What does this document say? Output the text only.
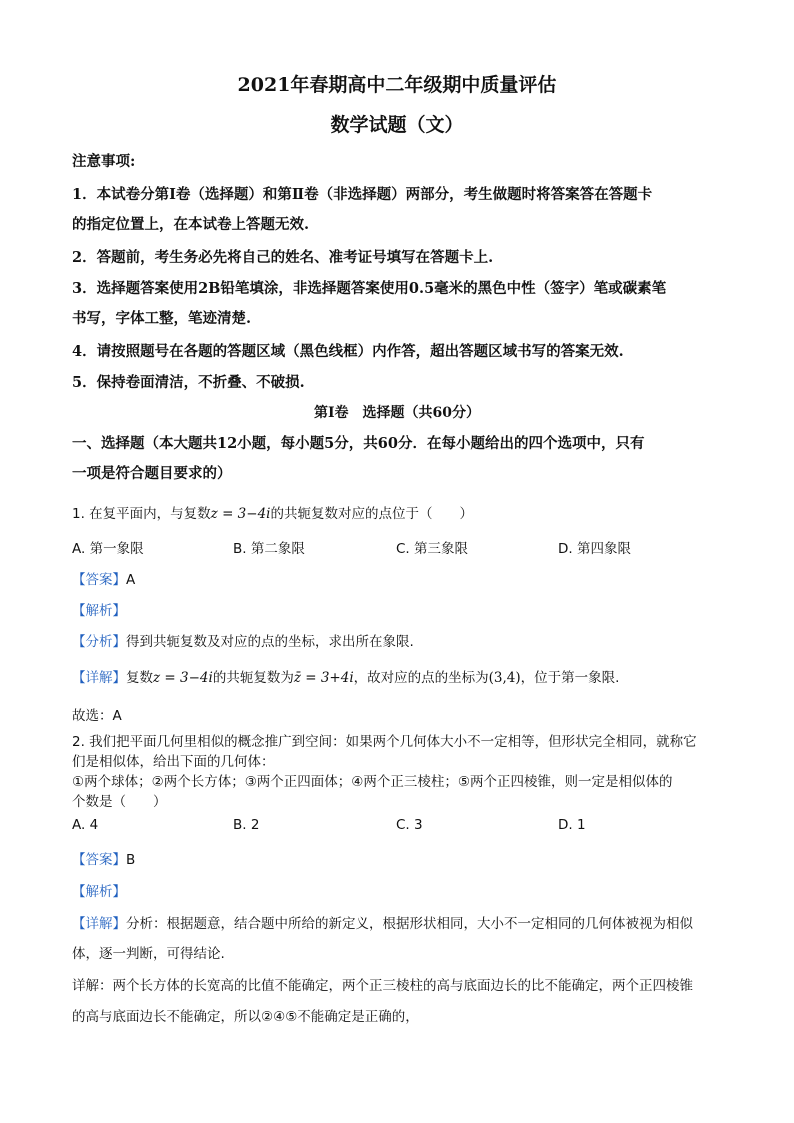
2021年春期高中二年级期中质量评估
数学试题（文）
注意事项:
1．本试卷分第Ⅰ卷（选择题）和第Ⅱ卷（非选择题）两部分，考生做题时将答案答在答题卡
的指定位置上，在本试卷上答题无效.
2．答题前，考生务必先将自己的姓名、准考证号填写在答题卡上.
3．选择题答案使用2B铅笔填涂，非选择题答案使用0.5毫米的黑色中性（签字）笔或碳素笔
书写，字体工整，笔迹清楚.
4．请按照题号在各题的答题区域（黑色线框）内作答，超出答题区域书写的答案无效.
5．保持卷面清洁，不折叠、不破损.
第Ⅰ卷　选择题（共60分）
一、选择题（本大题共12小题，每小题5分，共60分．在每小题给出的四个选项中，只有
一项是符合题目要求的）
1. 在复平面内，与复数z = 3−4i的共轭复数对应的点位于（　　）
A. 第一象限	B. 第二象限	C. 第三象限	D. 第四象限
【答案】A
【解析】
【分析】得到共轭复数及对应的点的坐标，求出所在象限.
【详解】复数z = 3−4i的共轭复数为z̄ = 3+4i，故对应的点的坐标为(3,4)，位于第一象限.
故选：A
2. 我们把平面几何里相似的概念推广到空间：如果两个几何体大小不一定相等，但形状完全相同，就称它
们是相似体，给出下面的几何体：
①两个球体；②两个长方体；③两个正四面体；④两个正三棱柱；⑤两个正四棱锥，则一定是相似体的
个数是（　　）
A. 4	B. 2	C. 3	D. 1
【答案】B
【解析】
【详解】分析：根据题意，结合题中所给的新定义，根据形状相同，大小不一定相同的几何体被视为相似
体，逐一判断，可得结论.
详解：两个长方体的长宽高的比值不能确定，两个正三棱柱的高与底面边长的比不能确定，两个正四棱锥
的高与底面边长不能确定，所以②④⑤不能确定是正确的，
